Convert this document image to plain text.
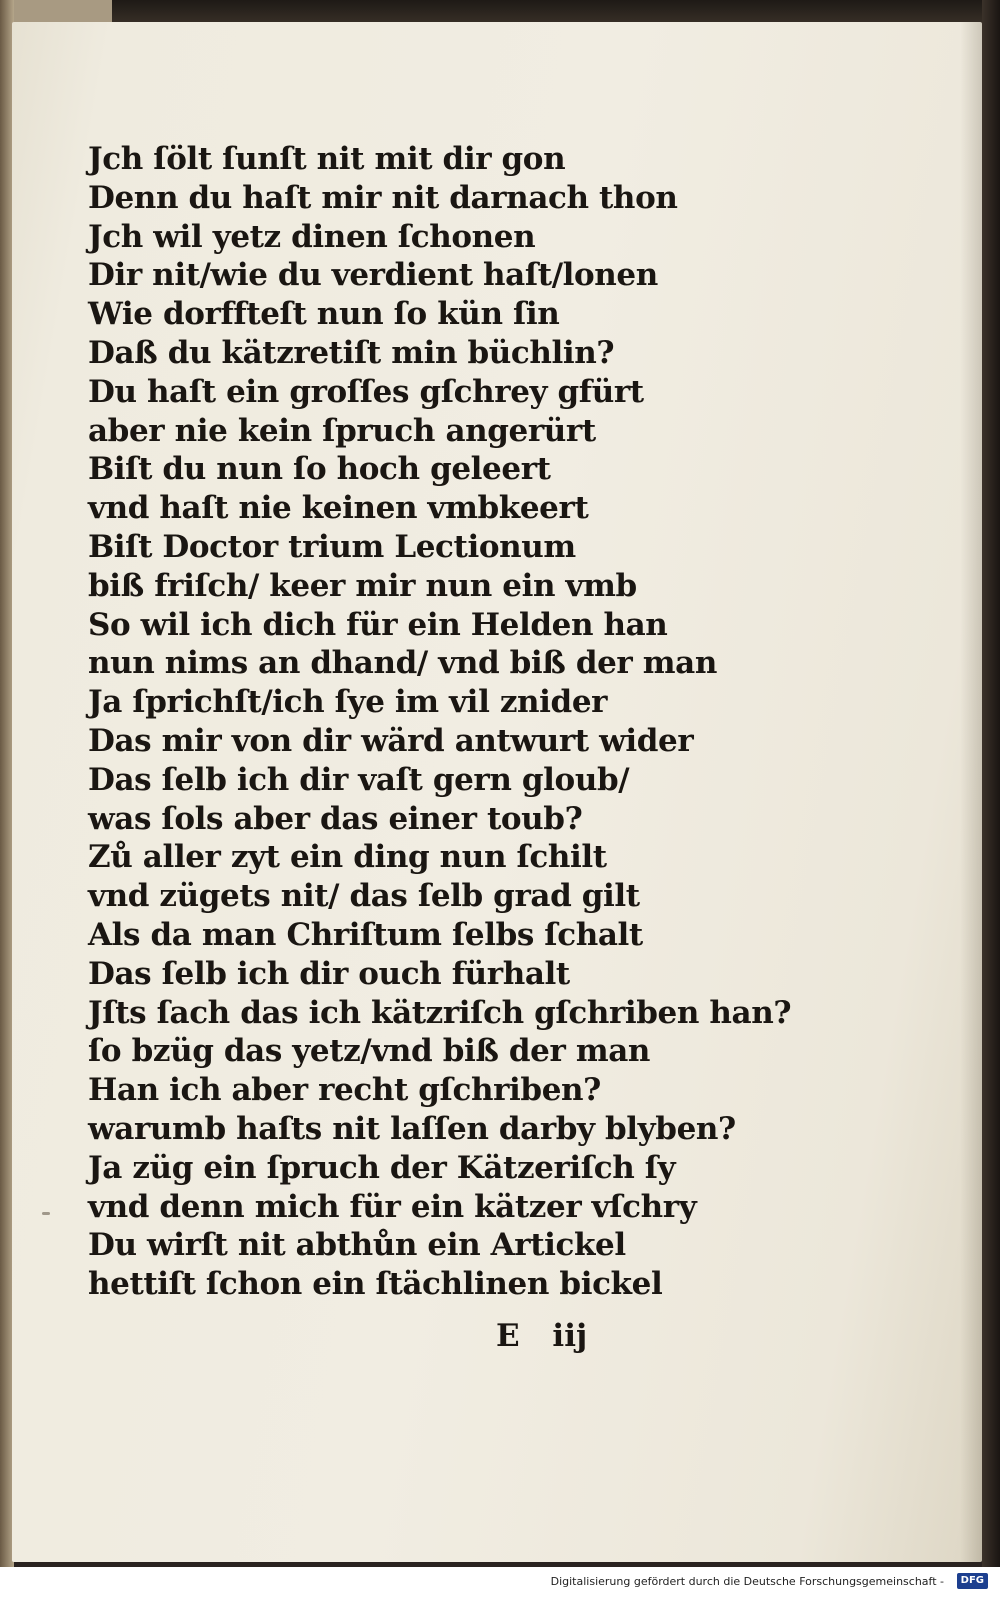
Jch ſölt ſunſt nit mit dir gon
Denn du haſt mir nit darnach thon
Jch wil yetz dinen ſchonen
Dir nit/wie du verdient haſt/lonen
Wie dorffteſt nun ſo kün ſin
Daß du kätzretiſt min büchlin?
Du haſt ein groſſes gſchrey gfürt
aber nie kein ſpruch angerürt
Biſt du nun ſo hoch geleert
vnd haſt nie keinen vmbkeert
Biſt Doctor trium Lectionum
biß friſch/ keer mir nun ein vmb
So wil ich dich für ein Helden han
nun nims an dhand/ vnd biß der man
Ja ſprichſt/ich ſye im vil znider
Das mir von dir wärd antwurt wider
Das ſelb ich dir vaſt gern gloub/
was ſols aber das einer toub?
Zů aller zyt ein ding nun ſchilt
vnd zügets nit/ das ſelb grad gilt
Als da man Chriſtum ſelbs ſchalt
Das ſelb ich dir ouch fürhalt
Jſts ſach das ich kätzriſch gſchriben han?
ſo bzüg das yetz/vnd biß der man
Han ich aber recht gſchriben?
warumb haſts nit laſſen darby blyben?
Ja züg ein ſpruch der Kätzeriſch ſy
vnd denn mich für ein kätzer vſchry
Du wirſt nit abthůn ein Artickel
hettiſt ſchon ein ſtächlinen bickel
E iij
Digitalisierung gefördert durch die Deutsche Forschungsgemeinschaft -	DFG
